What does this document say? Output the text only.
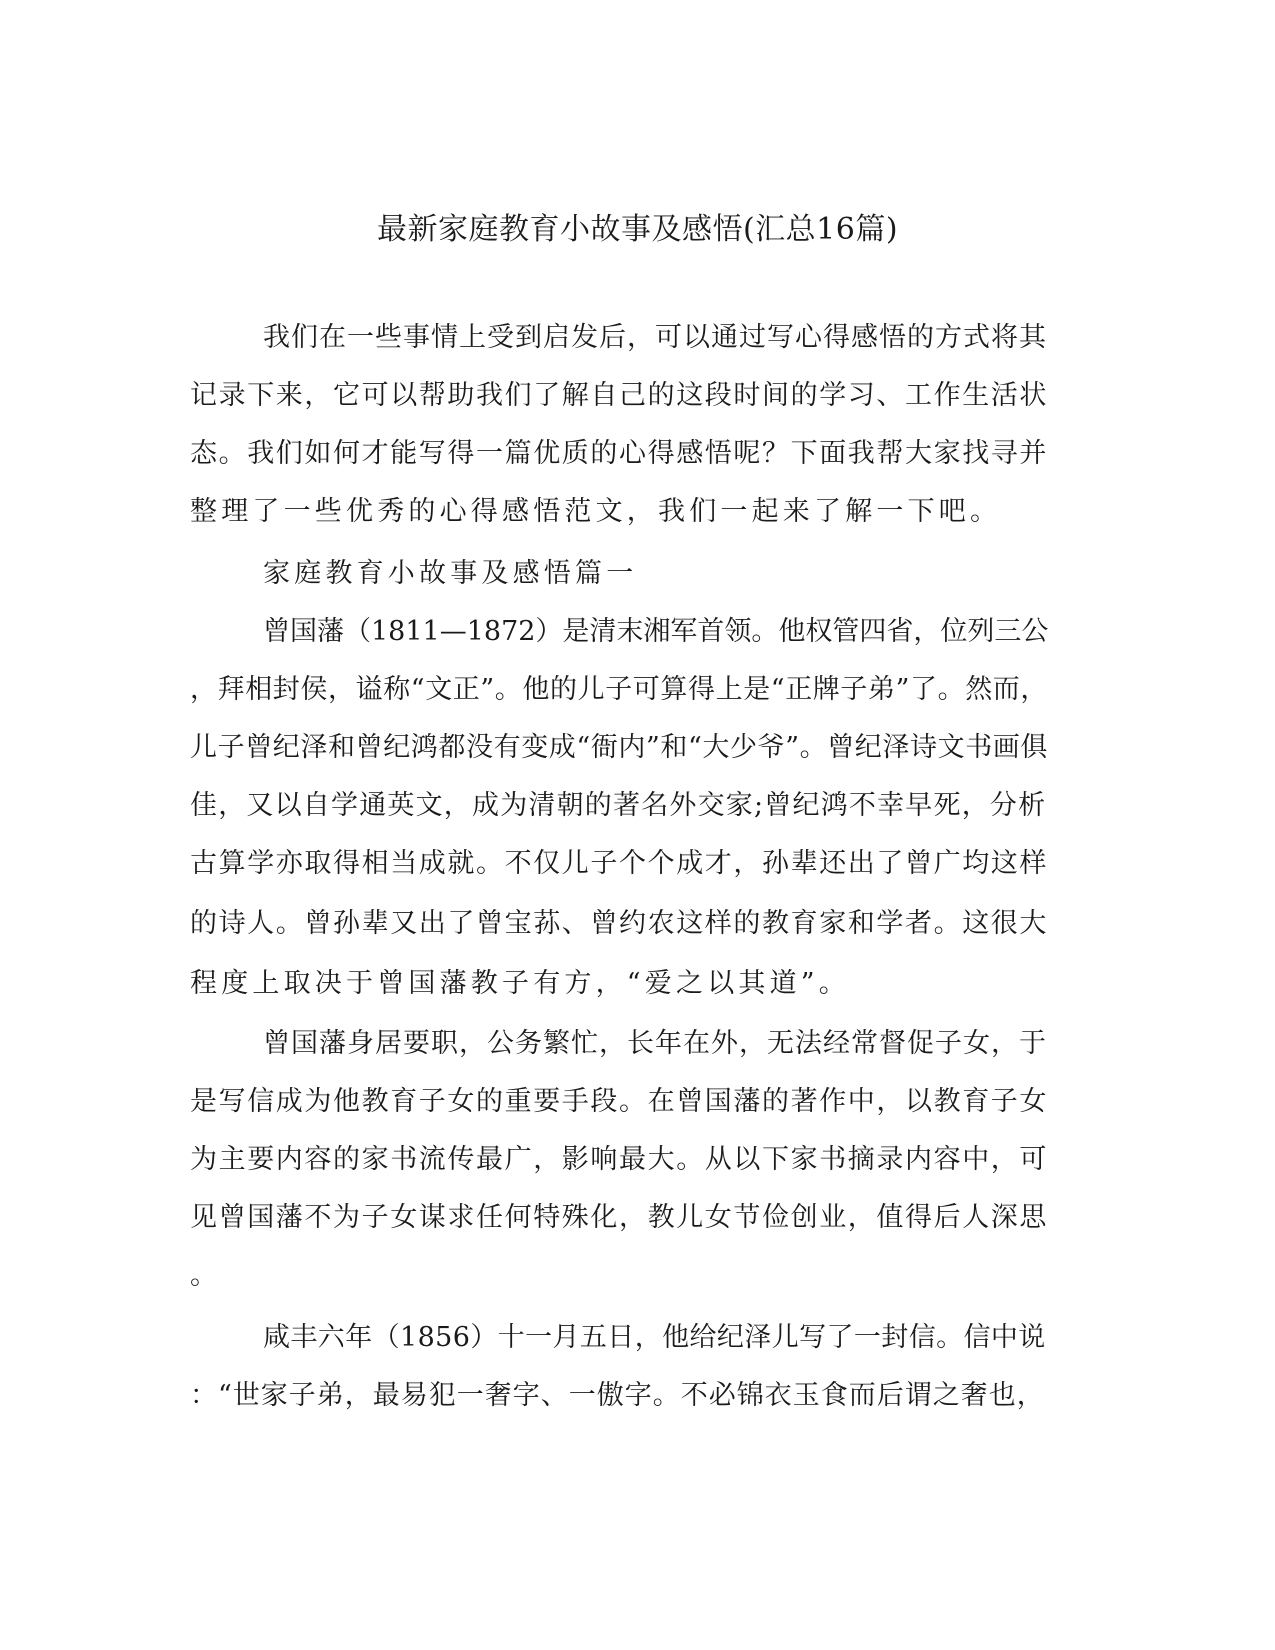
最新家庭教育小故事及感悟(汇总16篇)

我们在一些事情上受到启发后，可以通过写心得感悟的方式将其

记录下来，它可以帮助我们了解自己的这段时间的学习、工作生活状

态。我们如何才能写得一篇优质的心得感悟呢？下面我帮大家找寻并

整理了一些优秀的心得感悟范文，我们一起来了解一下吧。

家庭教育小故事及感悟篇一

曾国藩（1811—1872）是清末湘军首领。他权管四省，位列三公

，拜相封侯，谥称“文正”。他的儿子可算得上是“正牌子弟”了。然而，

儿子曾纪泽和曾纪鸿都没有变成“衙内”和“大少爷”。曾纪泽诗文书画俱

佳，又以自学通英文，成为清朝的著名外交家;曾纪鸿不幸早死，分析

古算学亦取得相当成就。不仅儿子个个成才，孙辈还出了曾广均这样

的诗人。曾孙辈又出了曾宝荪、曾约农这样的教育家和学者。这很大

程度上取决于曾国藩教子有方，“爱之以其道”。

曾国藩身居要职，公务繁忙，长年在外，无法经常督促子女，于

是写信成为他教育子女的重要手段。在曾国藩的著作中，以教育子女

为主要内容的家书流传最广，影响最大。从以下家书摘录内容中，可

见曾国藩不为子女谋求任何特殊化，教儿女节俭创业，值得后人深思

。

咸丰六年（1856）十一月五日，他给纪泽儿写了一封信。信中说

：“世家子弟，最易犯一奢字、一傲字。不必锦衣玉食而后谓之奢也，
